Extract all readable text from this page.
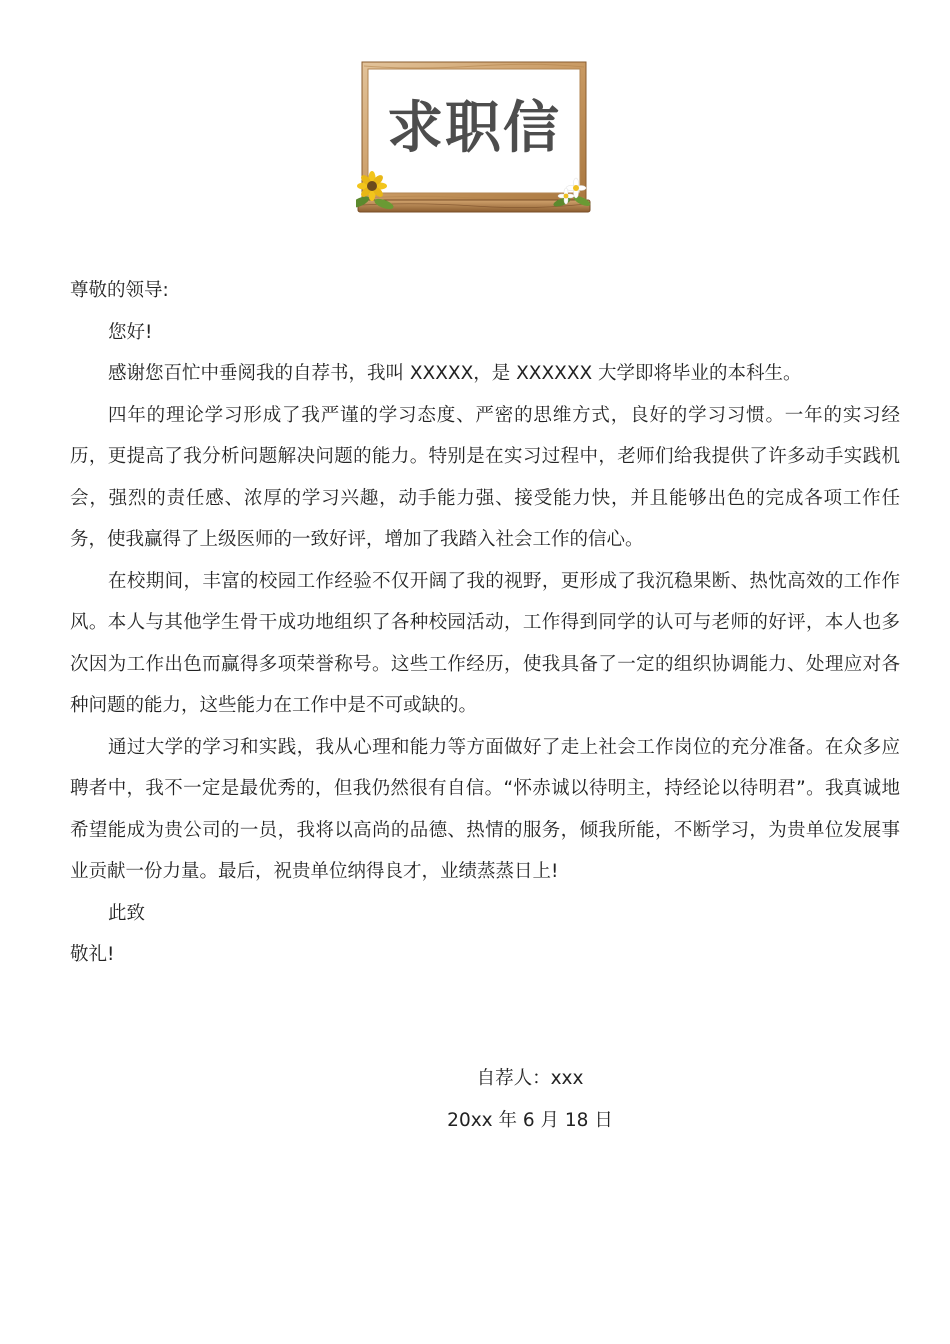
求职信

尊敬的领导:

您好!

感谢您百忙中垂阅我的自荐书，我叫 XXXXX，是 XXXXXX 大学即将毕业的本科生。

四年的理论学习形成了我严谨的学习态度、严密的思维方式，良好的学习习惯。一年的实习经历，更提高了我分析问题解决问题的能力。特别是在实习过程中，老师们给我提供了许多动手实践机会，强烈的责任感、浓厚的学习兴趣，动手能力强、接受能力快，并且能够出色的完成各项工作任务，使我赢得了上级医师的一致好评，增加了我踏入社会工作的信心。

在校期间，丰富的校园工作经验不仅开阔了我的视野，更形成了我沉稳果断、热忱高效的工作作风。本人与其他学生骨干成功地组织了各种校园活动，工作得到同学的认可与老师的好评，本人也多次因为工作出色而赢得多项荣誉称号。这些工作经历，使我具备了一定的组织协调能力、处理应对各种问题的能力，这些能力在工作中是不可或缺的。

通过大学的学习和实践，我从心理和能力等方面做好了走上社会工作岗位的充分准备。在众多应聘者中，我不一定是最优秀的，但我仍然很有自信。“怀赤诚以待明主，持经论以待明君”。我真诚地希望能成为贵公司的一员，我将以高尚的品德、热情的服务，倾我所能，不断学习，为贵单位发展事业贡献一份力量。最后，祝贵单位纳得良才，业绩蒸蒸日上!

此致

敬礼!

自荐人：xxx

20xx 年 6 月 18 日
